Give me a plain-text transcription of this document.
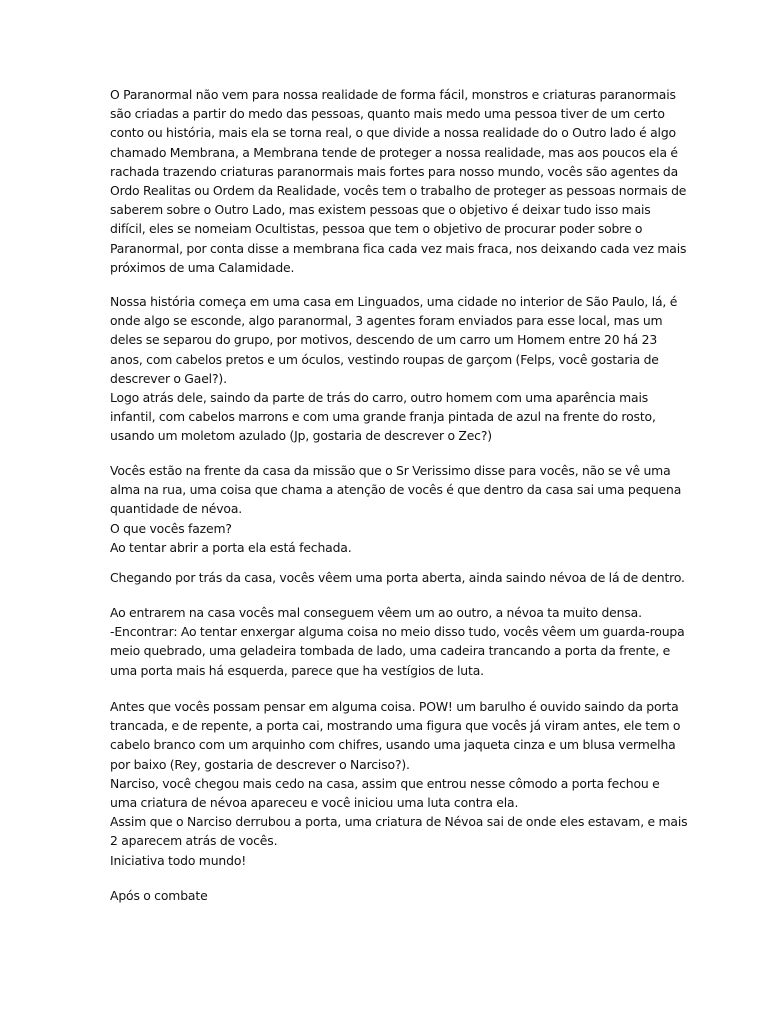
O Paranormal não vem para nossa realidade de forma fácil, monstros e criaturas paranormais
são criadas a partir do medo das pessoas, quanto mais medo uma pessoa tiver de um certo
conto ou história, mais ela se torna real, o que divide a nossa realidade do o Outro lado é algo
chamado Membrana, a Membrana tende de proteger a nossa realidade, mas aos poucos ela é
rachada trazendo criaturas paranormais mais fortes para nosso mundo, vocês são agentes da
Ordo Realitas ou Ordem da Realidade, vocês tem o trabalho de proteger as pessoas normais de
saberem sobre o Outro Lado, mas existem pessoas que o objetivo é deixar tudo isso mais
difícil, eles se nomeiam Ocultistas, pessoa que tem o objetivo de procurar poder sobre o
Paranormal, por conta disse a membrana fica cada vez mais fraca, nos deixando cada vez mais
próximos de uma Calamidade.
Nossa história começa em uma casa em Linguados, uma cidade no interior de São Paulo, lá, é
onde algo se esconde, algo paranormal, 3 agentes foram enviados para esse local, mas um
deles se separou do grupo, por motivos, descendo de um carro um Homem entre 20 há 23
anos, com cabelos pretos e um óculos, vestindo roupas de garçom (Felps, você gostaria de
descrever o Gael?).
Logo atrás dele, saindo da parte de trás do carro, outro homem com uma aparência mais
infantil, com cabelos marrons e com uma grande franja pintada de azul na frente do rosto,
usando um moletom azulado (Jp, gostaria de descrever o Zec?)
Vocês estão na frente da casa da missão que o Sr Verissimo disse para vocês, não se vê uma
alma na rua, uma coisa que chama a atenção de vocês é que dentro da casa sai uma pequena
quantidade de névoa.
O que vocês fazem?
Ao tentar abrir a porta ela está fechada.
Chegando por trás da casa, vocês vêem uma porta aberta, ainda saindo névoa de lá de dentro.
Ao entrarem na casa vocês mal conseguem vêem um ao outro, a névoa ta muito densa.
-Encontrar: Ao tentar enxergar alguma coisa no meio disso tudo, vocês vêem um guarda-roupa
meio quebrado, uma geladeira tombada de lado, uma cadeira trancando a porta da frente, e
uma porta mais há esquerda, parece que ha vestígios de luta.
Antes que vocês possam pensar em alguma coisa. POW! um barulho é ouvido saindo da porta
trancada, e de repente, a porta cai, mostrando uma figura que vocês já viram antes, ele tem o
cabelo branco com um arquinho com chifres, usando uma jaqueta cinza e um blusa vermelha
por baixo (Rey, gostaria de descrever o Narciso?).
Narciso, você chegou mais cedo na casa, assim que entrou nesse cômodo a porta fechou e
uma criatura de névoa apareceu e você iniciou uma luta contra ela.
Assim que o Narciso derrubou a porta, uma criatura de Névoa sai de onde eles estavam, e mais
2 aparecem atrás de vocês.
Iniciativa todo mundo!
Após o combate
